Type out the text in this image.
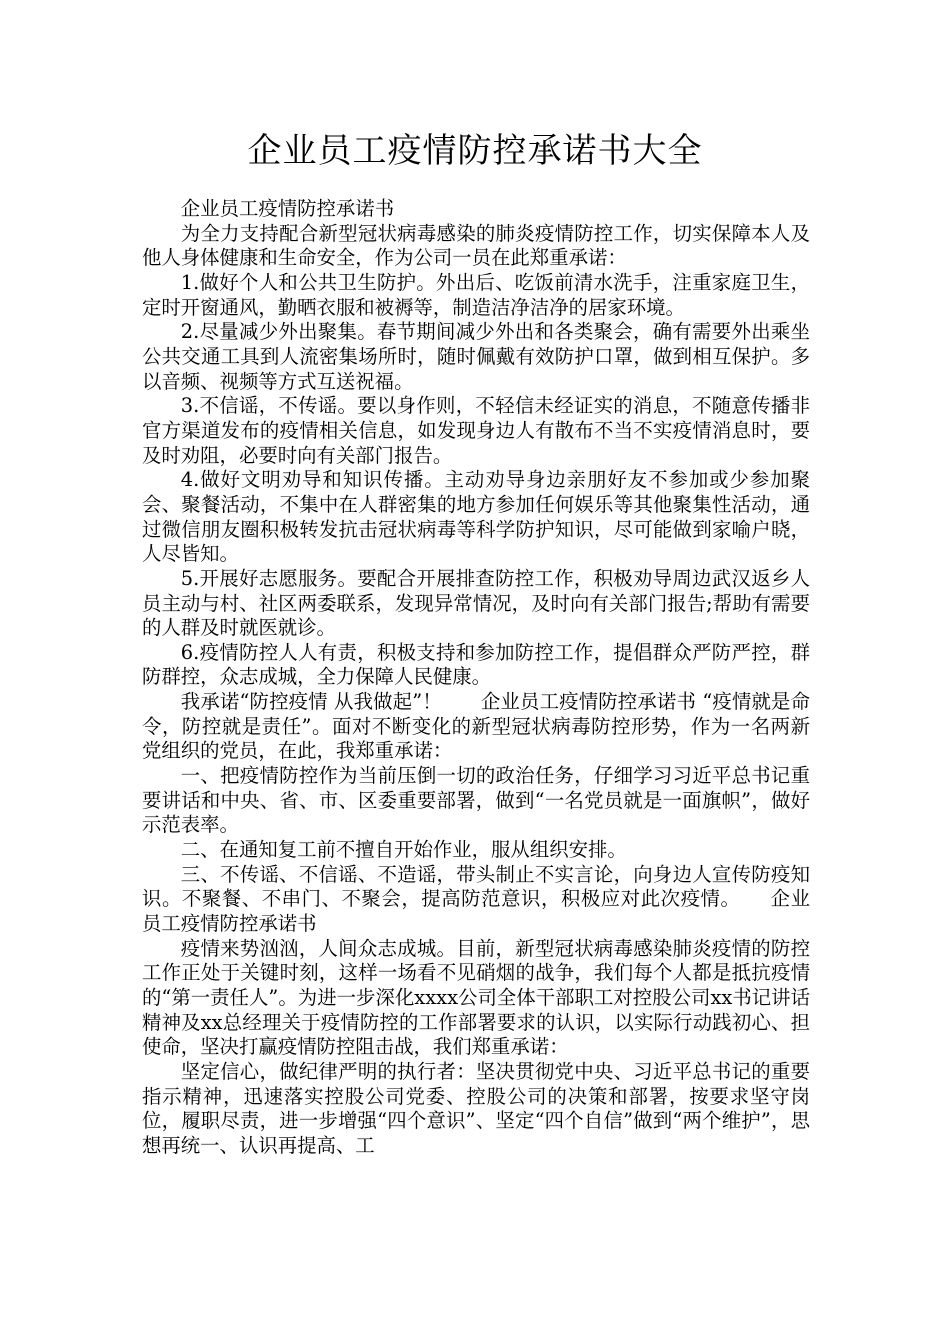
企业员工疫情防控承诺书大全

企业员工疫情防控承诺书

为全力支持配合新型冠状病毒感染的肺炎疫情防控工作，切实保障本人及他人身体健康和生命安全，作为公司一员在此郑重承诺：

1.做好个人和公共卫生防护。外出后、吃饭前清水洗手，注重家庭卫生，定时开窗通风，勤晒衣服和被褥等，制造洁净洁净的居家环境。

2.尽量减少外出聚集。春节期间减少外出和各类聚会，确有需要外出乘坐公共交通工具到人流密集场所时，随时佩戴有效防护口罩，做到相互保护。多以音频、视频等方式互送祝福。

3.不信谣，不传谣。要以身作则，不轻信未经证实的消息，不随意传播非官方渠道发布的疫情相关信息，如发现身边人有散布不当不实疫情消息时，要及时劝阻，必要时向有关部门报告。

4.做好文明劝导和知识传播。主动劝导身边亲朋好友不参加或少参加聚会、聚餐活动，不集中在人群密集的地方参加任何娱乐等其他聚集性活动，通过微信朋友圈积极转发抗击冠状病毒等科学防护知识，尽可能做到家喻户晓，人尽皆知。

5.开展好志愿服务。要配合开展排查防控工作，积极劝导周边武汉返乡人员主动与村、社区两委联系，发现异常情况，及时向有关部门报告;帮助有需要的人群及时就医就诊。

6.疫情防控人人有责，积极支持和参加防控工作，提倡群众严防严控，群防群控，众志成城，全力保障人民健康。

我承诺“防控疫情 从我做起”！　　企业员工疫情防控承诺书 “疫情就是命令，防控就是责任”。面对不断变化的新型冠状病毒防控形势，作为一名两新党组织的党员，在此，我郑重承诺：

一、把疫情防控作为当前压倒一切的政治任务，仔细学习习近平总书记重要讲话和中央、省、市、区委重要部署，做到“一名党员就是一面旗帜”，做好示范表率。

二、在通知复工前不擅自开始作业，服从组织安排。

三、不传谣、不信谣、不造谣，带头制止不实言论，向身边人宣传防疫知识。不聚餐、不串门、不聚会，提高防范意识，积极应对此次疫情。　　企业员工疫情防控承诺书

疫情来势汹汹，人间众志成城。目前，新型冠状病毒感染肺炎疫情的防控工作正处于关键时刻，这样一场看不见硝烟的战争，我们每个人都是抵抗疫情的“第一责任人”。为进一步深化xxxx公司全体干部职工对控股公司xx书记讲话精神及xx总经理关于疫情防控的工作部署要求的认识，以实际行动践初心、担使命，坚决打赢疫情防控阻击战，我们郑重承诺：

坚定信心，做纪律严明的执行者：坚决贯彻党中央、习近平总书记的重要指示精神，迅速落实控股公司党委、控股公司的决策和部署，按要求坚守岗位，履职尽责，进一步增强“四个意识”、坚定“四个自信”做到“两个维护”，思想再统一、认识再提高、工
